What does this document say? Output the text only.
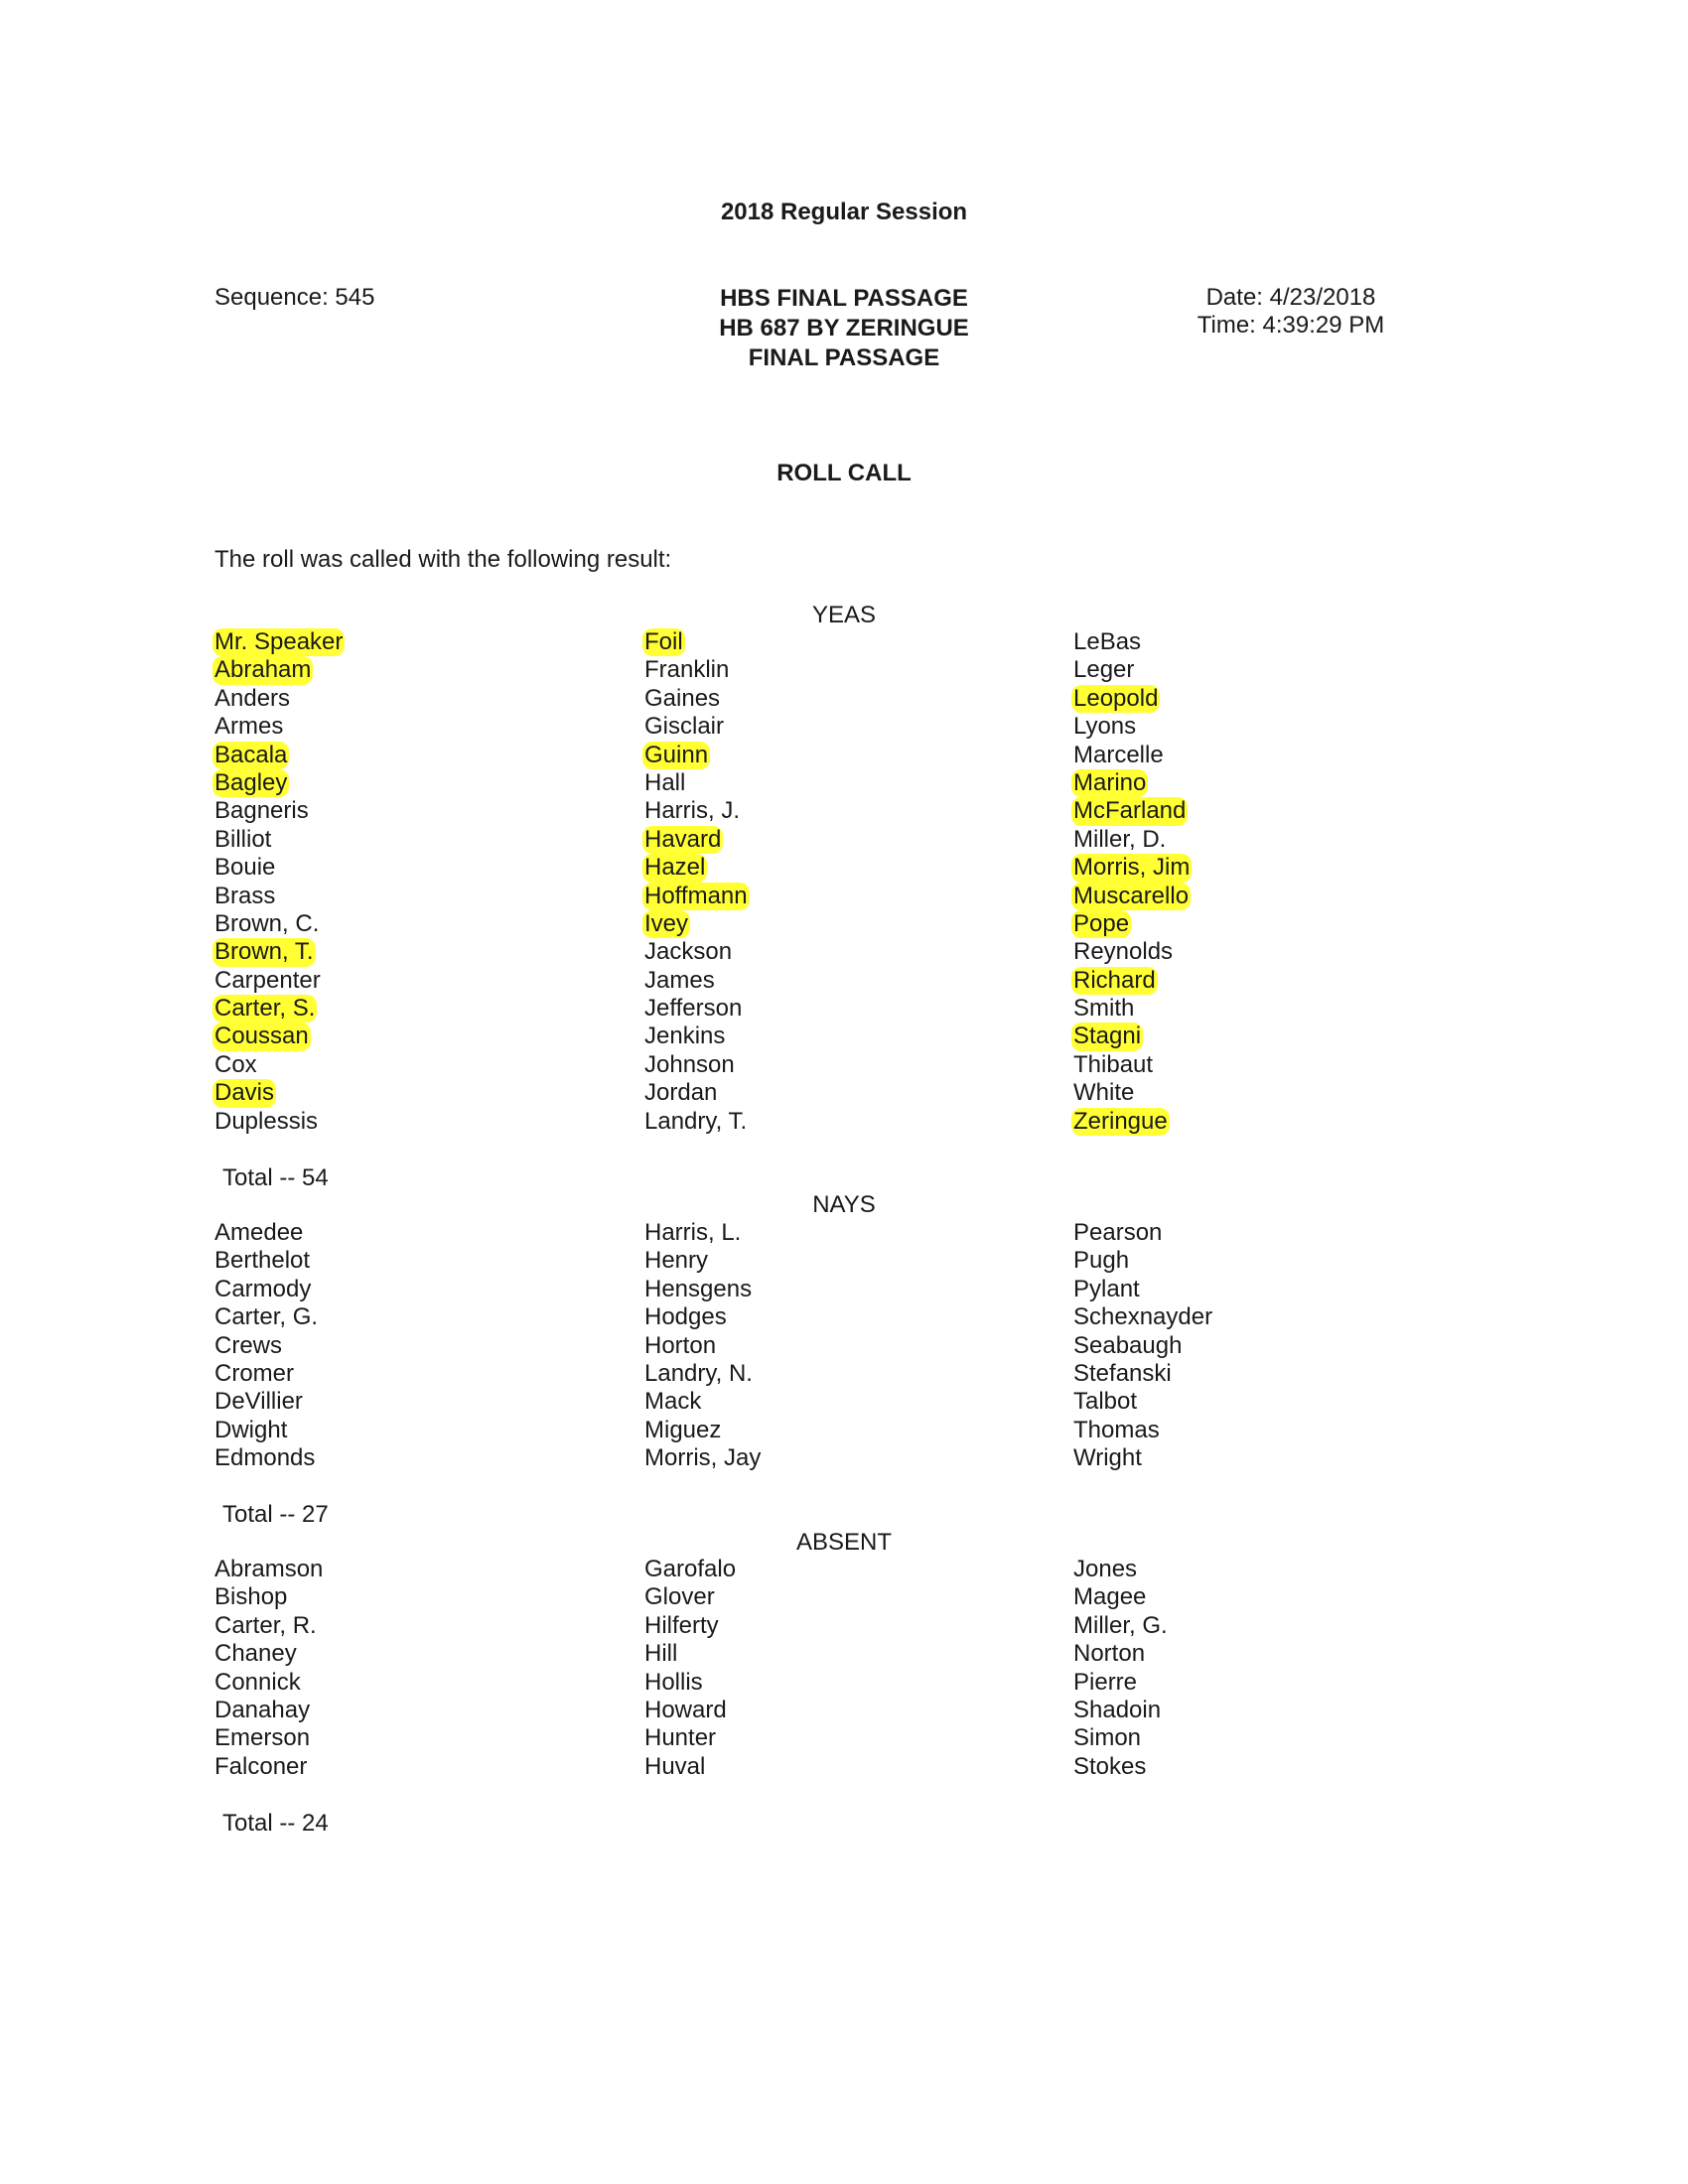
2018 Regular Session
Sequence: 545	HBS FINAL PASSAGE
HB 687 BY ZERINGUE
FINAL PASSAGE
Date: 4/23/2018
Time: 4:39:29 PM
ROLL CALL
The roll was called with the following result:
YEAS
Mr. Speaker
Abraham
Anders
Armes
Bacala
Bagley
Bagneris
Billiot
Bouie
Brass
Brown, C.
Brown, T.
Carpenter
Carter, S.
Coussan
Cox
Davis
Duplessis
Foil
Franklin
Gaines
Gisclair
Guinn
Hall
Harris, J.
Havard
Hazel
Hoffmann
Ivey
Jackson
James
Jefferson
Jenkins
Johnson
Jordan
Landry, T.
LeBas
Leger
Leopold
Lyons
Marcelle
Marino
McFarland
Miller, D.
Morris, Jim
Muscarello
Pope
Reynolds
Richard
Smith
Stagni
Thibaut
White
Zeringue
Total -- 54
NAYS
Amedee
Berthelot
Carmody
Carter, G.
Crews
Cromer
DeVillier
Dwight
Edmonds
Harris, L.
Henry
Hensgens
Hodges
Horton
Landry, N.
Mack
Miguez
Morris, Jay
Pearson
Pugh
Pylant
Schexnayder
Seabaugh
Stefanski
Talbot
Thomas
Wright
Total -- 27
ABSENT
Abramson
Bishop
Carter, R.
Chaney
Connick
Danahay
Emerson
Falconer
Garofalo
Glover
Hilferty
Hill
Hollis
Howard
Hunter
Huval
Jones
Magee
Miller, G.
Norton
Pierre
Shadoin
Simon
Stokes
Total -- 24
